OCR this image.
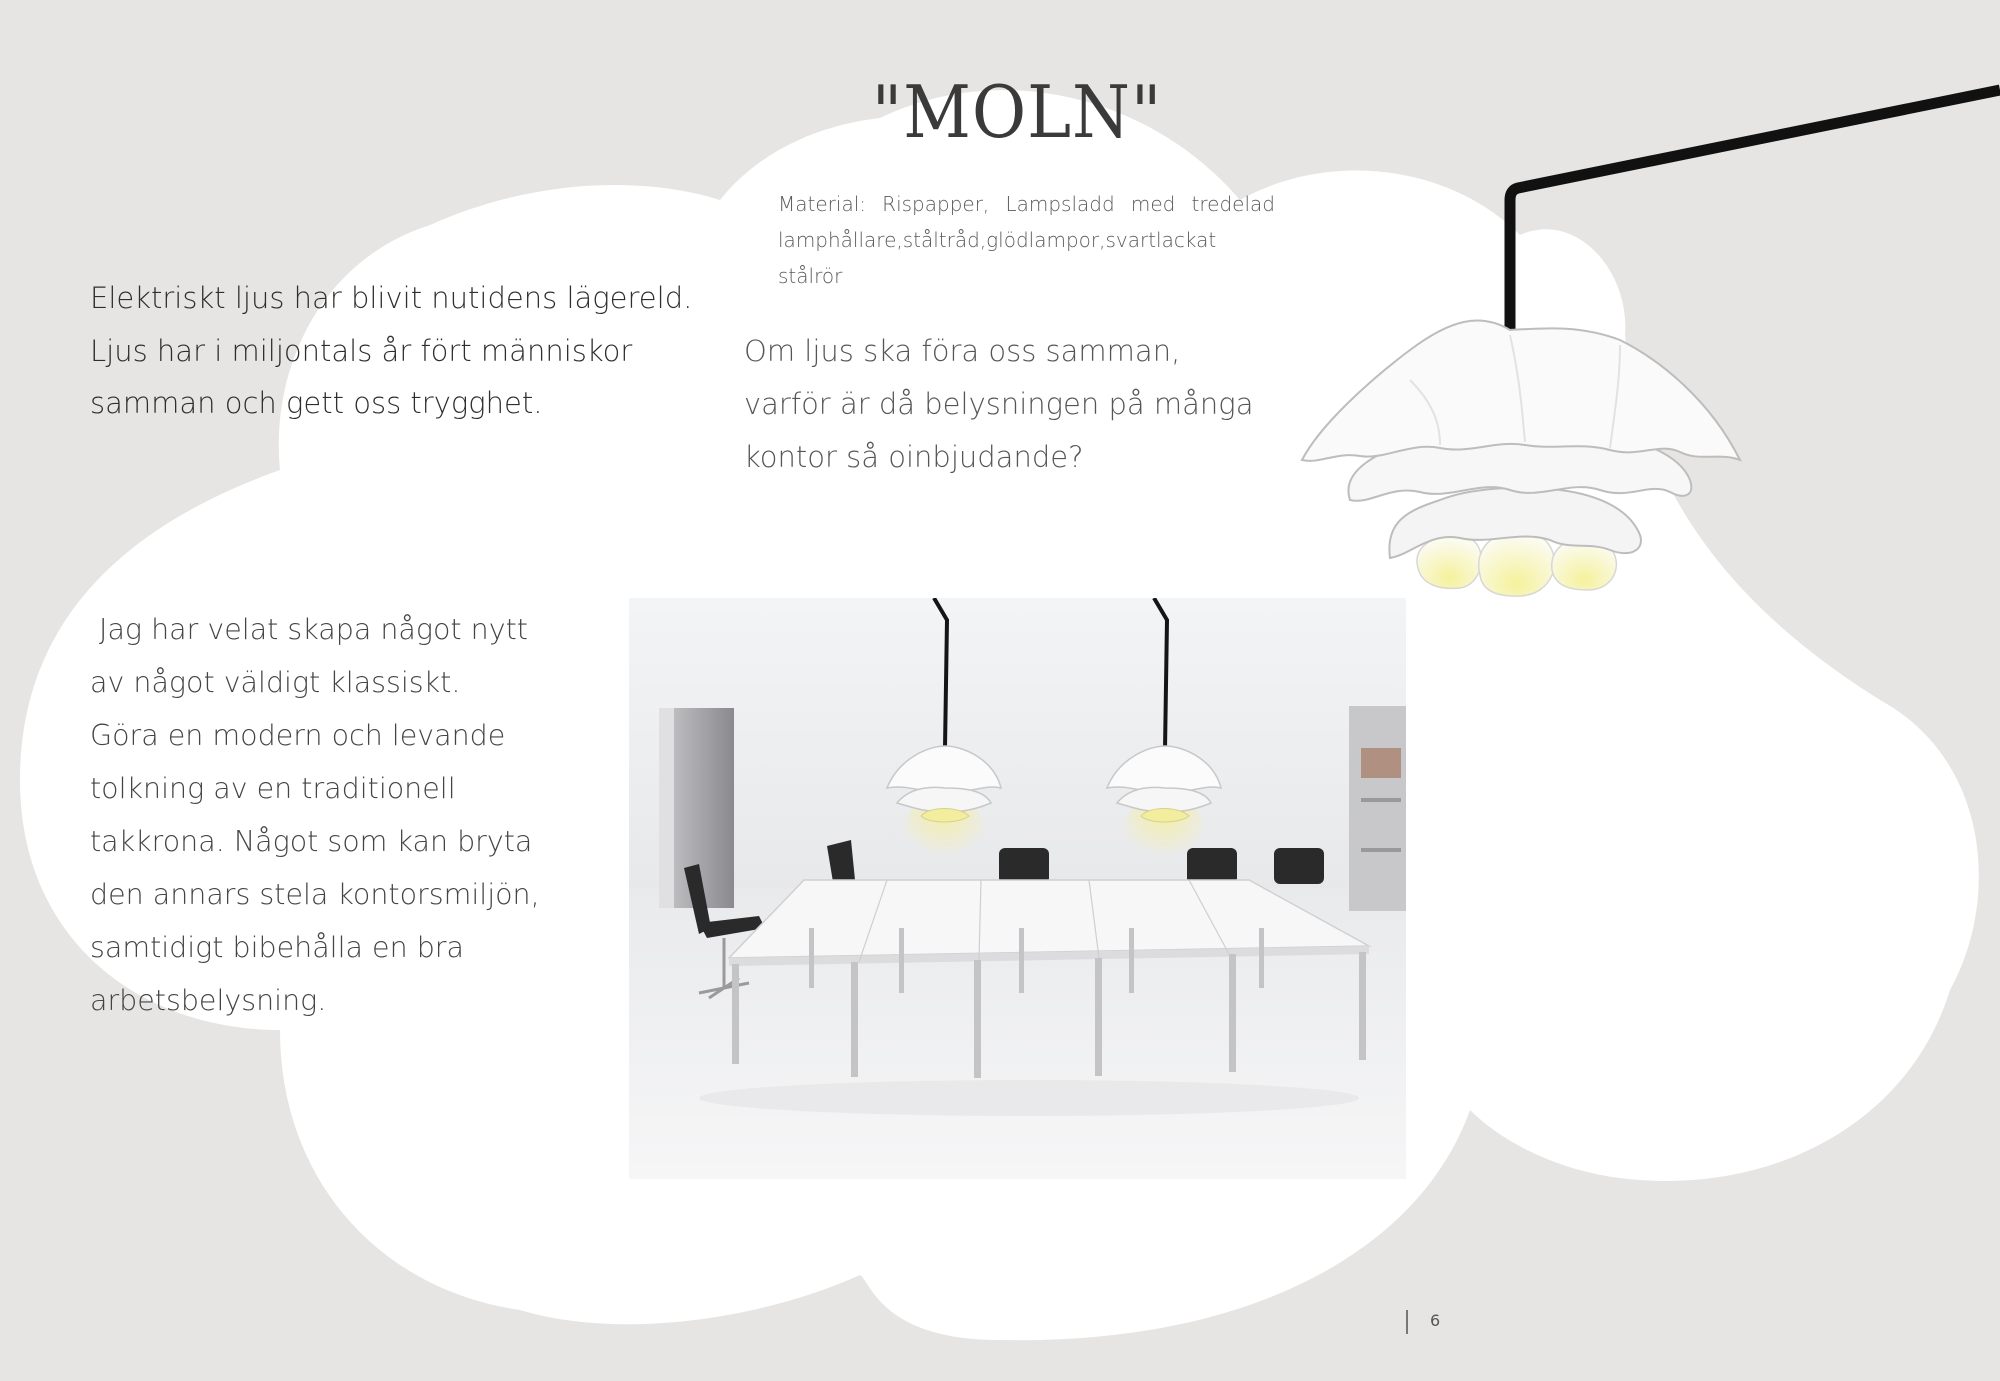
"MOLN"
Material: Rispapper, Lampsladd med tredelad lamphållare,ståltråd,glödlampor,svartlackat stålrör

Elektriskt ljus har blivit nutidens lägereld.
Ljus har i miljontals år fört människor
samman och gett oss trygghet.

Om ljus ska föra oss samman,
varför är då belysningen på många
kontor så oinbjudande?

Jag har velat skapa något nytt
av något väldigt klassiskt.
Göra en modern och levande
tolkning av en traditionell
takkrona. Något som kan bryta
den annars stela kontorsmiljön,
samtidigt bibehålla en bra
arbetsbelysning.

6
